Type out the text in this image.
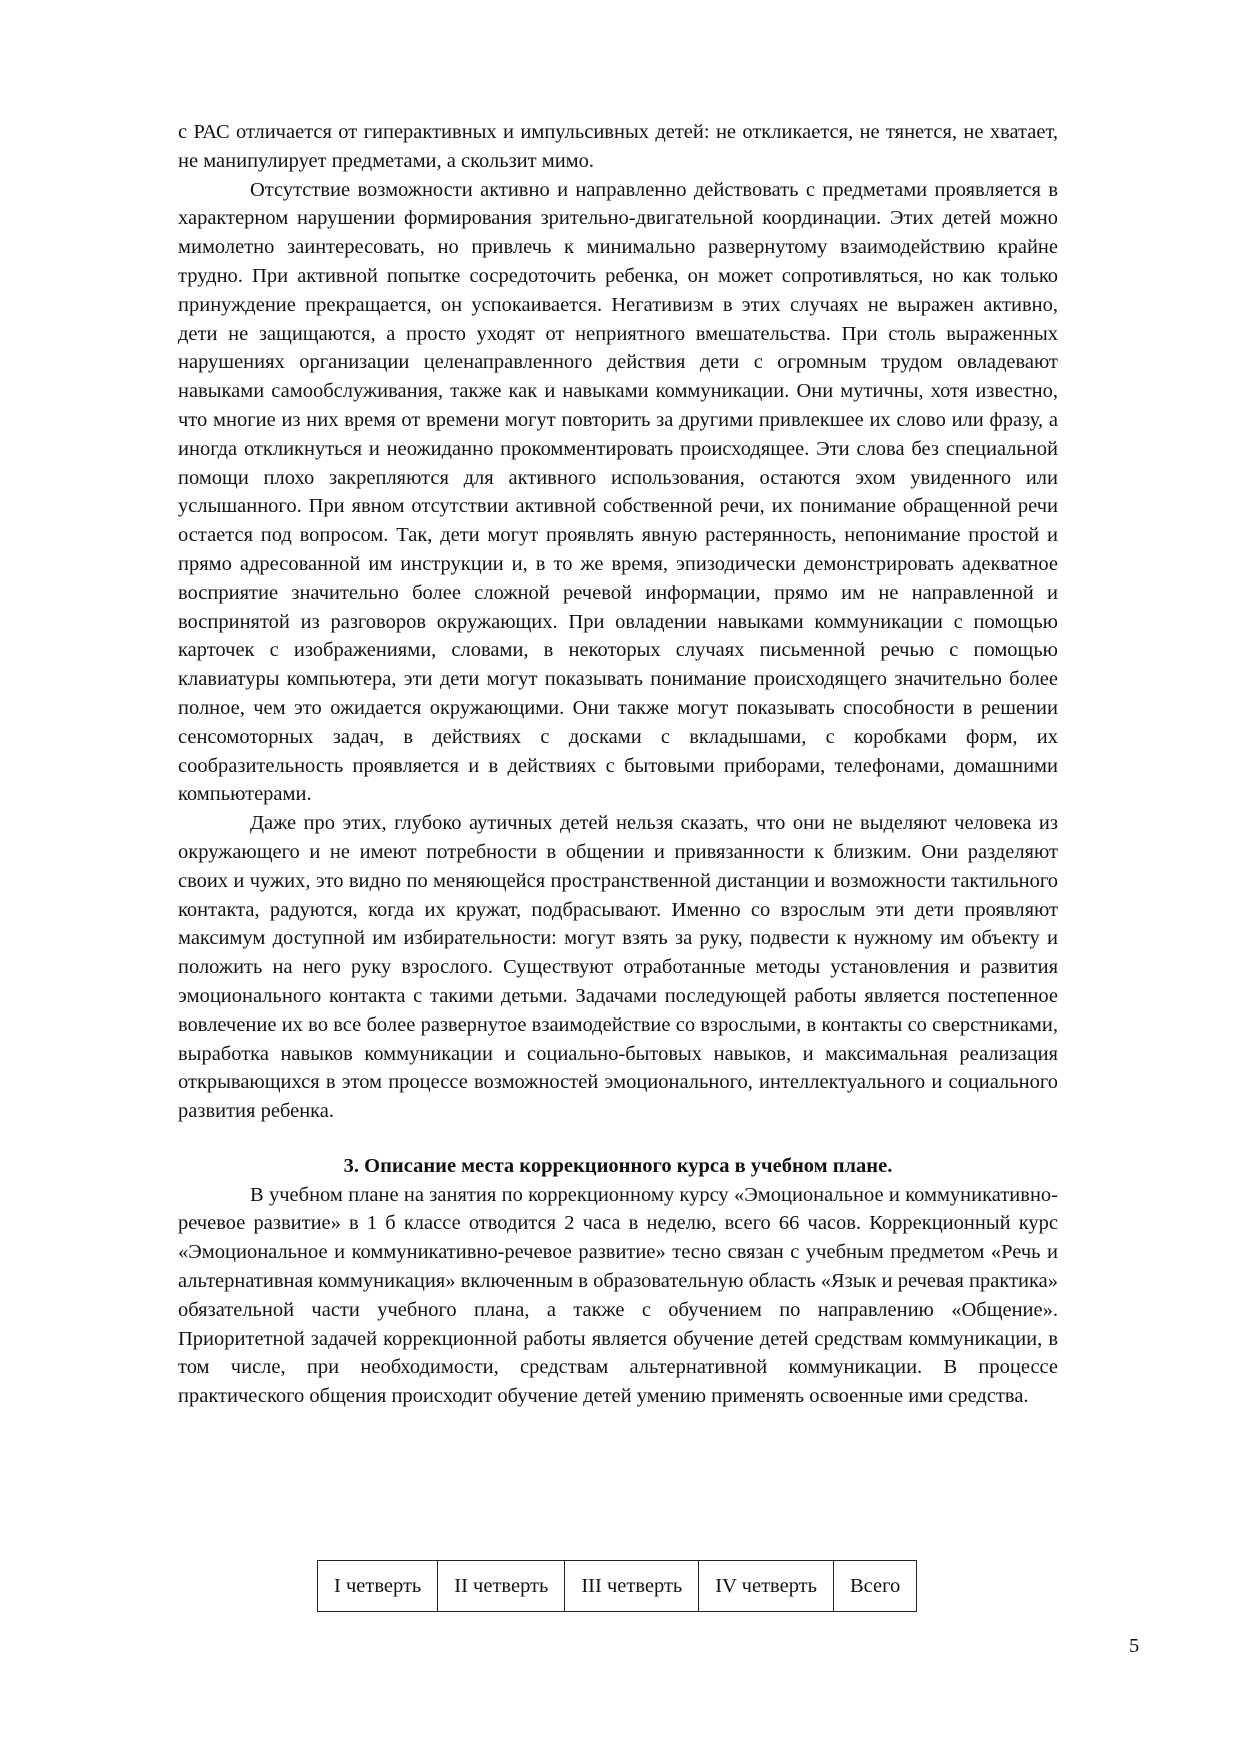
с РАС отличается от гиперактивных и импульсивных детей: не откликается, не тянется, не хватает, не манипулирует предметами, а скользит мимо.

Отсутствие возможности активно и направленно действовать с предметами проявляется в характерном нарушении формирования зрительно-двигательной координации. Этих детей можно мимолетно заинтересовать, но привлечь к минимально развернутому взаимодействию крайне трудно. При активной попытке сосредоточить ребенка, он может сопротивляться, но как только принуждение прекращается, он успокаивается. Негативизм в этих случаях не выражен активно, дети не защищаются, а просто уходят от неприятного вмешательства. При столь выраженных нарушениях организации целенаправленного действия дети с огромным трудом овладевают навыками самообслуживания, также как и навыками коммуникации. Они мутичны, хотя известно, что многие из них время от времени могут повторить за другими привлекшее их слово или фразу, а иногда откликнуться и неожиданно прокомментировать происходящее. Эти слова без специальной помощи плохо закрепляются для активного использования, остаются эхом увиденного или услышанного. При явном отсутствии активной собственной речи, их понимание обращенной речи остается под вопросом. Так, дети могут проявлять явную растерянность, непонимание простой и прямо адресованной им инструкции и, в то же время, эпизодически демонстрировать адекватное восприятие значительно более сложной речевой информации, прямо им не направленной и воспринятой из разговоров окружающих. При овладении навыками коммуникации с помощью карточек с изображениями, словами, в некоторых случаях письменной речью с помощью клавиатуры компьютера, эти дети могут показывать понимание происходящего значительно более полное, чем это ожидается окружающими. Они также могут показывать способности в решении сенсомоторных задач, в действиях с досками с вкладышами, с коробками форм, их сообразительность проявляется и в действиях с бытовыми приборами, телефонами, домашними компьютерами.

Даже про этих, глубоко аутичных детей нельзя сказать, что они не выделяют человека из окружающего и не имеют потребности в общении и привязанности к близким. Они разделяют своих и чужих, это видно по меняющейся пространственной дистанции и возможности тактильного контакта, радуются, когда их кружат, подбрасывают. Именно со взрослым эти дети проявляют максимум доступной им избирательности: могут взять за руку, подвести к нужному им объекту и положить на него руку взрослого. Существуют отработанные методы установления и развития эмоционального контакта с такими детьми. Задачами последующей работы является постепенное вовлечение их во все более развернутое взаимодействие со взрослыми, в контакты со сверстниками, выработка навыков коммуникации и социально-бытовых навыков, и максимальная реализация открывающихся в этом процессе возможностей эмоционального, интеллектуального и социального развития ребенка.

3. Описание места коррекционного курса в учебном плане.

В учебном плане на занятия по коррекционному курсу «Эмоциональное и коммуникативно-речевое развитие» в 1 б классе отводится 2 часа в неделю, всего 66 часов. Коррекционный курс «Эмоциональное и коммуникативно-речевое развитие» тесно связан с учебным предметом «Речь и альтернативная коммуникация» включенным в образовательную область «Язык и речевая практика» обязательной части учебного плана, а также с обучением по направлению «Общение». Приоритетной задачей коррекционной работы является обучение детей средствам коммуникации, в том числе, при необходимости, средствам альтернативной коммуникации. В процессе практического общения происходит обучение детей умению применять освоенные ими средства.

I четверть	II четверть	III четверть	IV четверть	Всего
5
